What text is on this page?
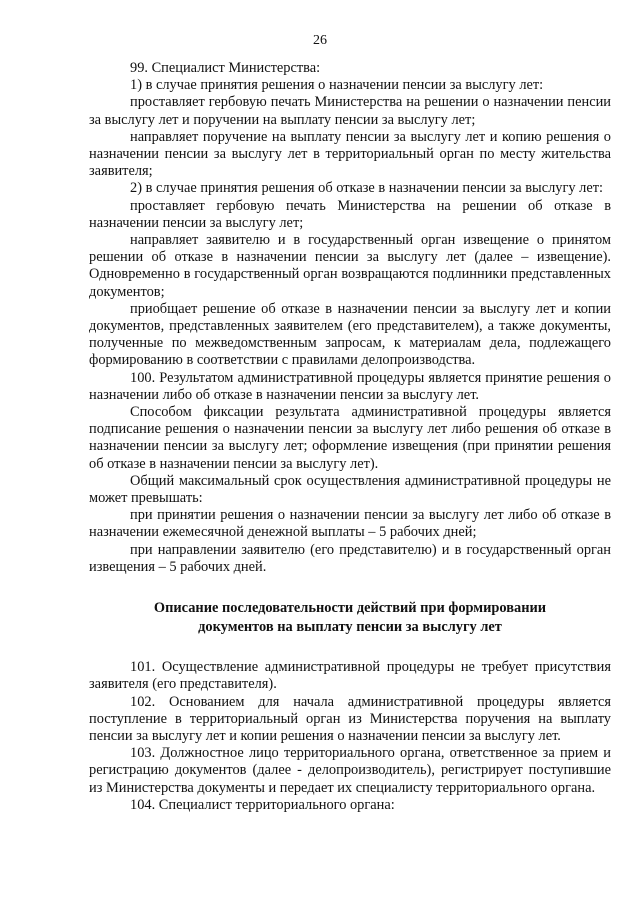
26

99. Специалист Министерства:

1) в случае принятия решения о назначении пенсии за выслугу лет:

проставляет гербовую печать Министерства на решении о назначении пенсии за выслугу лет и поручении на выплату пенсии за выслугу лет;

направляет поручение на выплату пенсии за выслугу лет и копию решения о назначении пенсии за выслугу лет в территориальный орган по месту жительства заявителя;

2) в случае принятия решения об отказе в назначении пенсии за выслугу лет:

проставляет гербовую печать Министерства на решении об отказе в назначении пенсии за выслугу лет;

направляет заявителю и в государственный орган извещение о принятом решении об отказе в назначении пенсии за выслугу лет (далее – извещение). Одновременно в государственный орган возвращаются подлинники представленных документов;

приобщает решение об отказе в назначении пенсии за выслугу лет и копии документов, представленных заявителем (его представителем), а также документы, полученные по межведомственным запросам, к материалам дела, подлежащего формированию в соответствии с правилами делопроизводства.

100. Результатом административной процедуры является принятие решения о назначении либо об отказе в назначении пенсии за выслугу лет.

Способом фиксации результата административной процедуры является подписание решения о назначении пенсии за выслугу лет либо решения об отказе в назначении пенсии за выслугу лет; оформление извещения (при принятии решения об отказе в назначении пенсии за выслугу лет).

Общий максимальный срок осуществления административной процедуры не может превышать:

при принятии решения о назначении пенсии за выслугу лет либо об отказе в назначении ежемесячной денежной выплаты – 5 рабочих дней;

при направлении заявителю (его представителю) и в государственный орган извещения – 5 рабочих дней.

Описание последовательности действий при формировании
документов на выплату пенсии за выслугу лет

101. Осуществление административной процедуры не требует присутствия заявителя (его представителя).

102. Основанием для начала административной процедуры является поступление в территориальный орган из Министерства поручения на выплату пенсии за выслугу лет и копии решения о назначении пенсии за выслугу лет.

103. Должностное лицо территориального органа, ответственное за прием и регистрацию документов (далее - делопроизводитель), регистрирует поступившие из Министерства документы и передает их специалисту территориального органа.

104. Специалист территориального органа:
